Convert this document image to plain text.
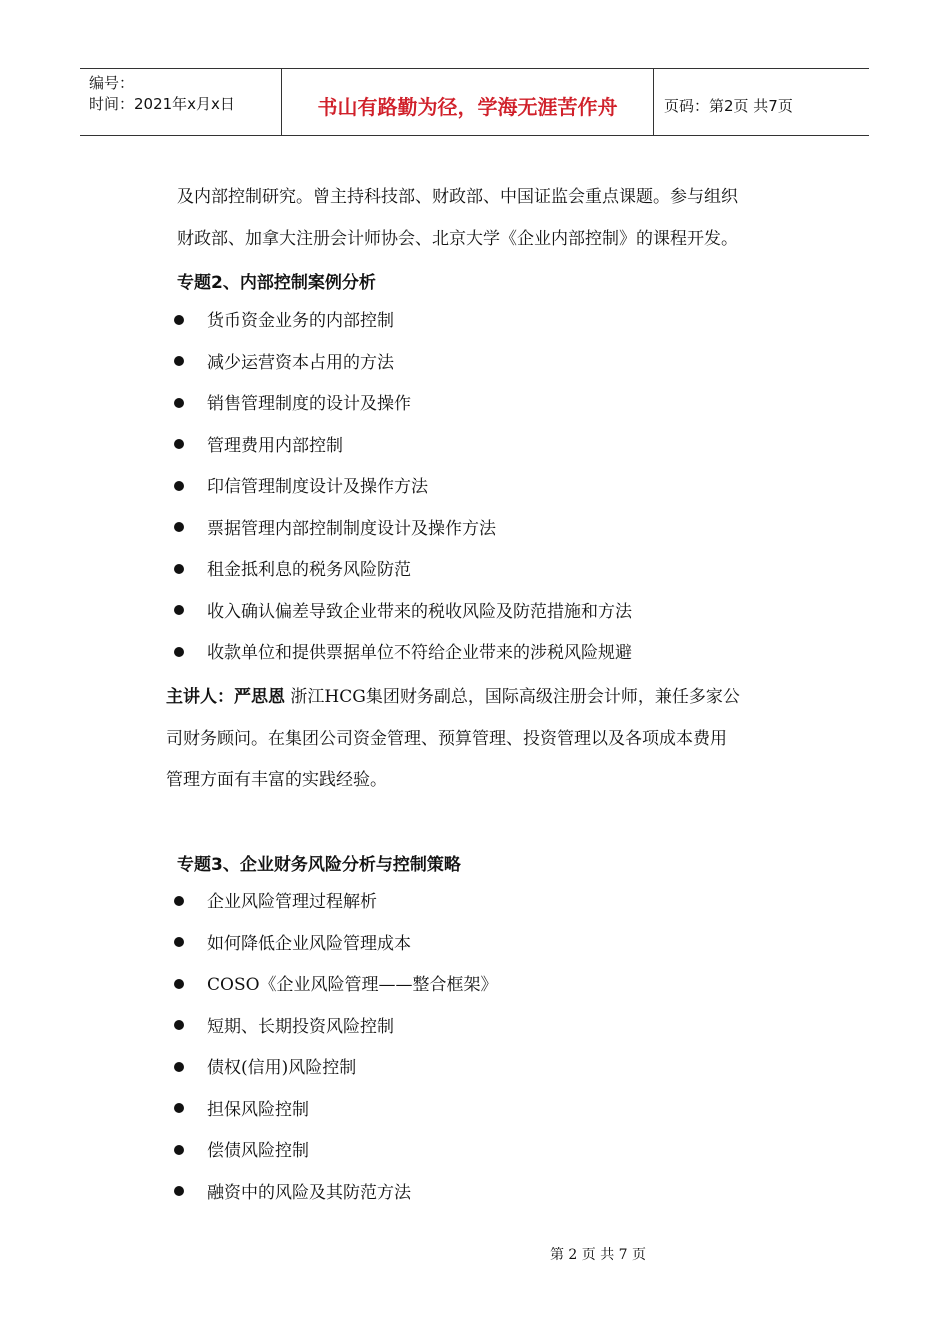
编号：
时间：2021年x月x日	书山有路勤为径，学海无涯苦作舟	页码：第2页 共7页
及内部控制研究。曾主持科技部、财政部、中国证监会重点课题。参与组织
财政部、加拿大注册会计师协会、北京大学《企业内部控制》的课程开发。
专题2、内部控制案例分析
货币资金业务的内部控制
减少运营资本占用的方法
销售管理制度的设计及操作
管理费用内部控制
印信管理制度设计及操作方法
票据管理内部控制制度设计及操作方法
租金抵利息的税务风险防范
收入确认偏差导致企业带来的税收风险及防范措施和方法
收款单位和提供票据单位不符给企业带来的涉税风险规避
主讲人：严思恩 浙江HCG集团财务副总，国际高级注册会计师，兼任多家公
司财务顾问。在集团公司资金管理、预算管理、投资管理以及各项成本费用
管理方面有丰富的实践经验。
专题3、企业财务风险分析与控制策略
企业风险管理过程解析
如何降低企业风险管理成本
COSO《企业风险管理——整合框架》
短期、长期投资风险控制
债权(信用)风险控制
担保风险控制
偿债风险控制
融资中的风险及其防范方法
第 2 页 共 7 页
